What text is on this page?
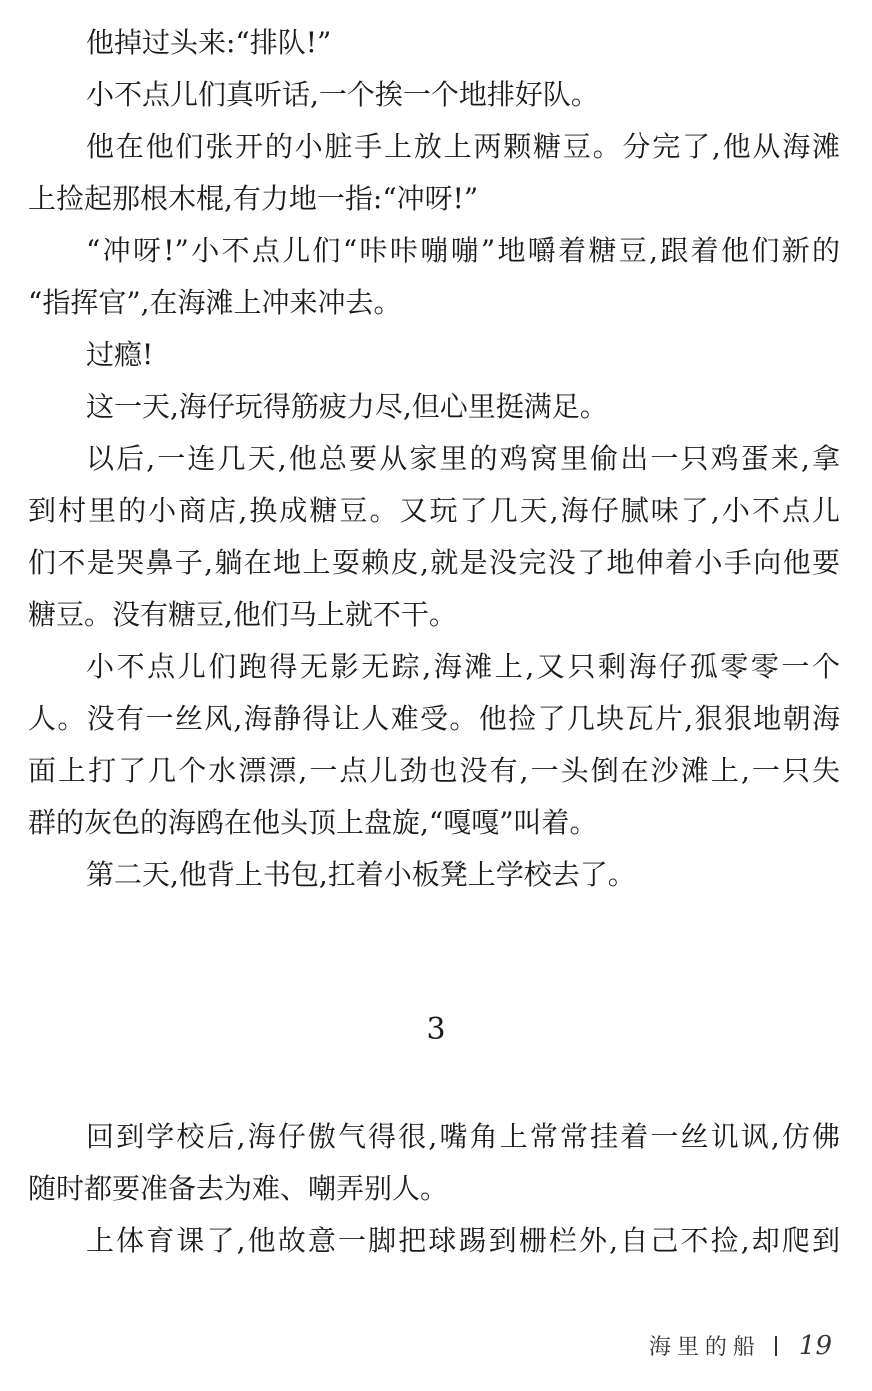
他掉过头来:“排队!”
小不点儿们真听话,一个挨一个地排好队。
他在他们张开的小脏手上放上两颗糖豆。分完了,他从海滩
上捡起那根木棍,有力地一指:“冲呀!”
“冲呀!”小不点儿们“咔咔嘣嘣”地嚼着糖豆,跟着他们新的
“指挥官”,在海滩上冲来冲去。
过瘾!
这一天,海仔玩得筋疲力尽,但心里挺满足。
以后,一连几天,他总要从家里的鸡窝里偷出一只鸡蛋来,拿
到村里的小商店,换成糖豆。又玩了几天,海仔腻味了,小不点儿
们不是哭鼻子,躺在地上耍赖皮,就是没完没了地伸着小手向他要
糖豆。没有糖豆,他们马上就不干。
小不点儿们跑得无影无踪,海滩上,又只剩海仔孤零零一个
人。没有一丝风,海静得让人难受。他捡了几块瓦片,狠狠地朝海
面上打了几个水漂漂,一点儿劲也没有,一头倒在沙滩上,一只失
群的灰色的海鸥在他头顶上盘旋,“嘎嘎”叫着。
第二天,他背上书包,扛着小板凳上学校去了。
3
回到学校后,海仔傲气得很,嘴角上常常挂着一丝讥讽,仿佛
随时都要准备去为难、嘲弄别人。
上体育课了,他故意一脚把球踢到栅栏外,自己不捡,却爬到
海里的船 19
